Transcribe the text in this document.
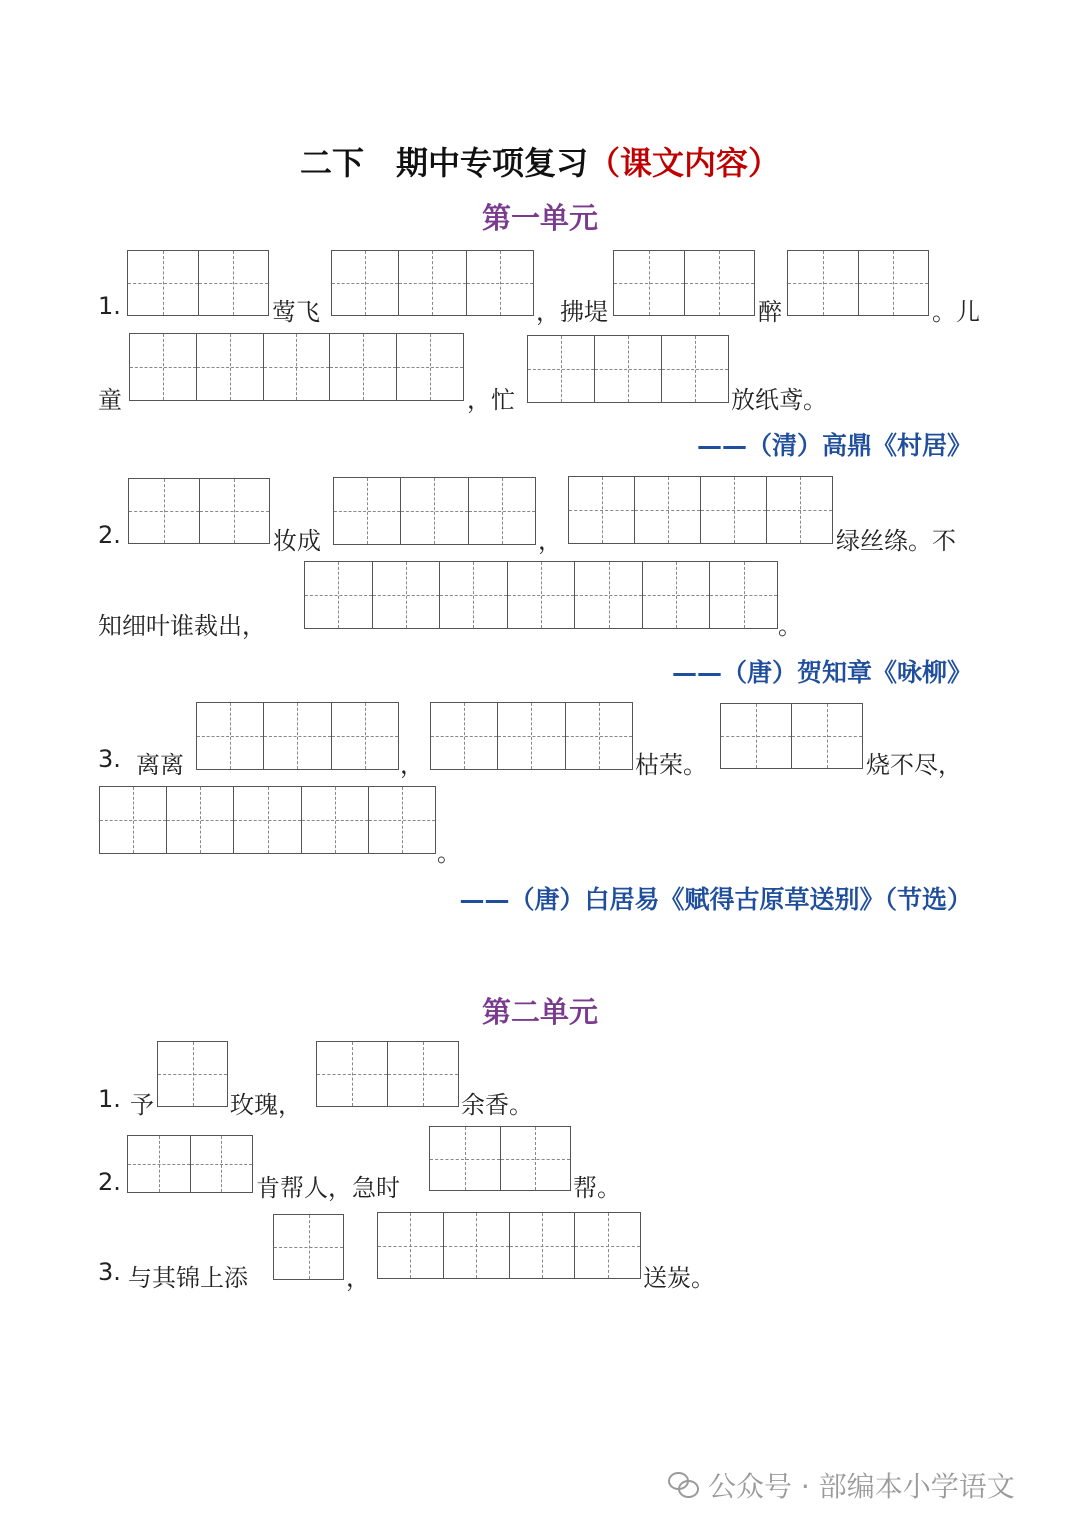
二下　期中专项复习（课文内容）
第一单元
1.	莺飞	，拂堤	醉	。儿
童	，忙	放纸鸢。
——（清）高鼎《村居》
2.	妆成	，	绿丝绦。不
知细叶谁裁出，	。
——（唐）贺知章《咏柳》
3. 离离	，	枯荣。	烧不尽，
。
——（唐）白居易《赋得古原草送别》（节选）
第二单元
1. 予	玫瑰，	余香。
2.	肯帮人，急时	帮。
3. 与其锦上添	，	送炭。
公众号 · 部编本小学语文
